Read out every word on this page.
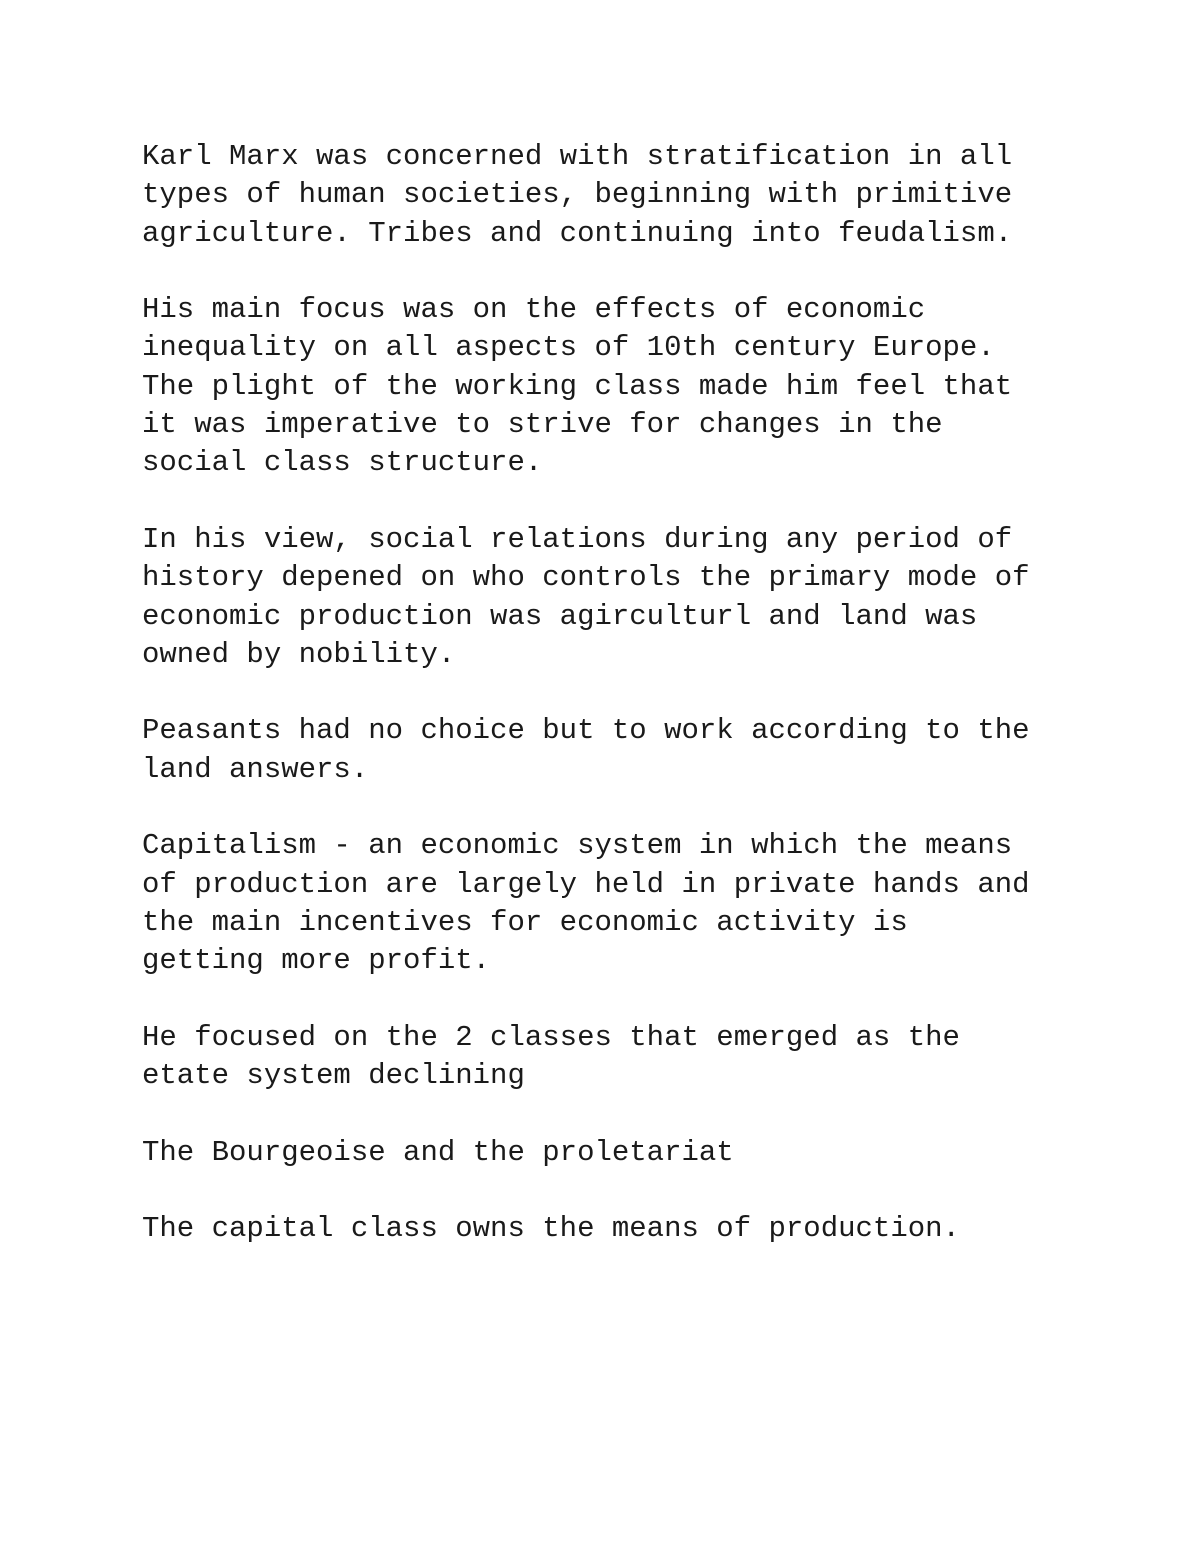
Karl Marx was concerned with stratification in all
types of human societies, beginning with primitive
agriculture. Tribes and continuing into feudalism.
His main focus was on the effects of economic
inequality on all aspects of 10th century Europe.
The plight of the working class made him feel that
it was imperative to strive for changes in the
social class structure.
In his view, social relations during any period of
history depened on who controls the primary mode of
economic production was agirculturl and land was
owned by nobility.
Peasants had no choice but to work according to the
land answers.
Capitalism - an economic system in which the means
of production are largely held in private hands and
the main incentives for economic activity is
getting more profit.
He focused on the 2 classes that emerged as the
etate system declining
The Bourgeoise and the proletariat
The capital class owns the means of production.
